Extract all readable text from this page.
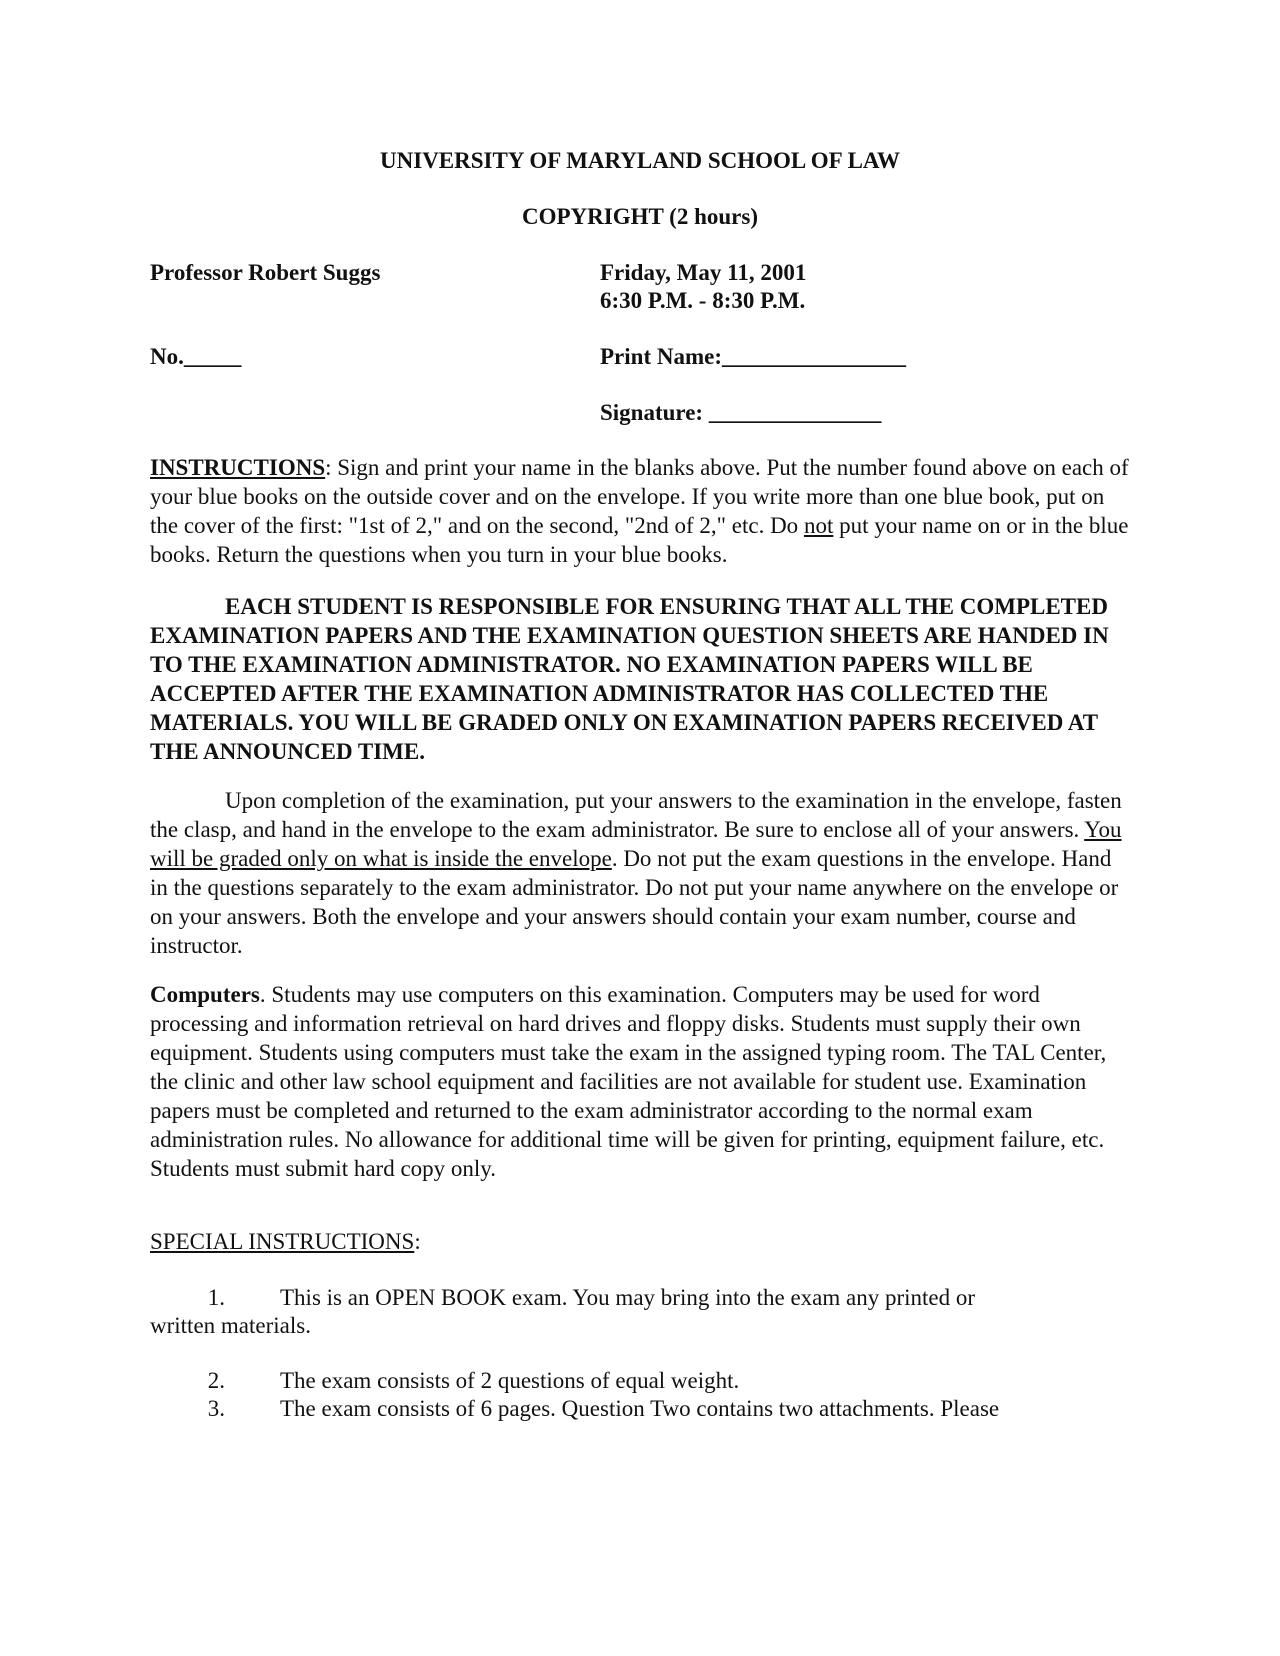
UNIVERSITY OF MARYLAND SCHOOL OF LAW
COPYRIGHT (2 hours)
Professor Robert Suggs	Friday, May 11, 2001
6:30 P.M. - 8:30 P.M.
No._____	Print Name:________________
Signature: _______________
INSTRUCTIONS: Sign and print your name in the blanks above. Put the number found above on each of your blue books on the outside cover and on the envelope. If you write more than one blue book, put on the cover of the first: "1st of 2," and on the second, "2nd of 2," etc. Do not put your name on or in the blue books. Return the questions when you turn in your blue books.
EACH STUDENT IS RESPONSIBLE FOR ENSURING THAT ALL THE COMPLETED EXAMINATION PAPERS AND THE EXAMINATION QUESTION SHEETS ARE HANDED IN TO THE EXAMINATION ADMINISTRATOR. NO EXAMINATION PAPERS WILL BE ACCEPTED AFTER THE EXAMINATION ADMINISTRATOR HAS COLLECTED THE MATERIALS. YOU WILL BE GRADED ONLY ON EXAMINATION PAPERS RECEIVED AT THE ANNOUNCED TIME.
Upon completion of the examination, put your answers to the examination in the envelope, fasten the clasp, and hand in the envelope to the exam administrator. Be sure to enclose all of your answers. You will be graded only on what is inside the envelope. Do not put the exam questions in the envelope. Hand in the questions separately to the exam administrator. Do not put your name anywhere on the envelope or on your answers. Both the envelope and your answers should contain your exam number, course and instructor.
Computers. Students may use computers on this examination. Computers may be used for word processing and information retrieval on hard drives and floppy disks. Students must supply their own equipment. Students using computers must take the exam in the assigned typing room. The TAL Center, the clinic and other law school equipment and facilities are not available for student use. Examination papers must be completed and returned to the exam administrator according to the normal exam administration rules. No allowance for additional time will be given for printing, equipment failure, etc. Students must submit hard copy only.
SPECIAL INSTRUCTIONS:
1. This is an OPEN BOOK exam. You may bring into the exam any printed or
written materials.
2. The exam consists of 2 questions of equal weight.
3. The exam consists of 6 pages. Question Two contains two attachments. Please
